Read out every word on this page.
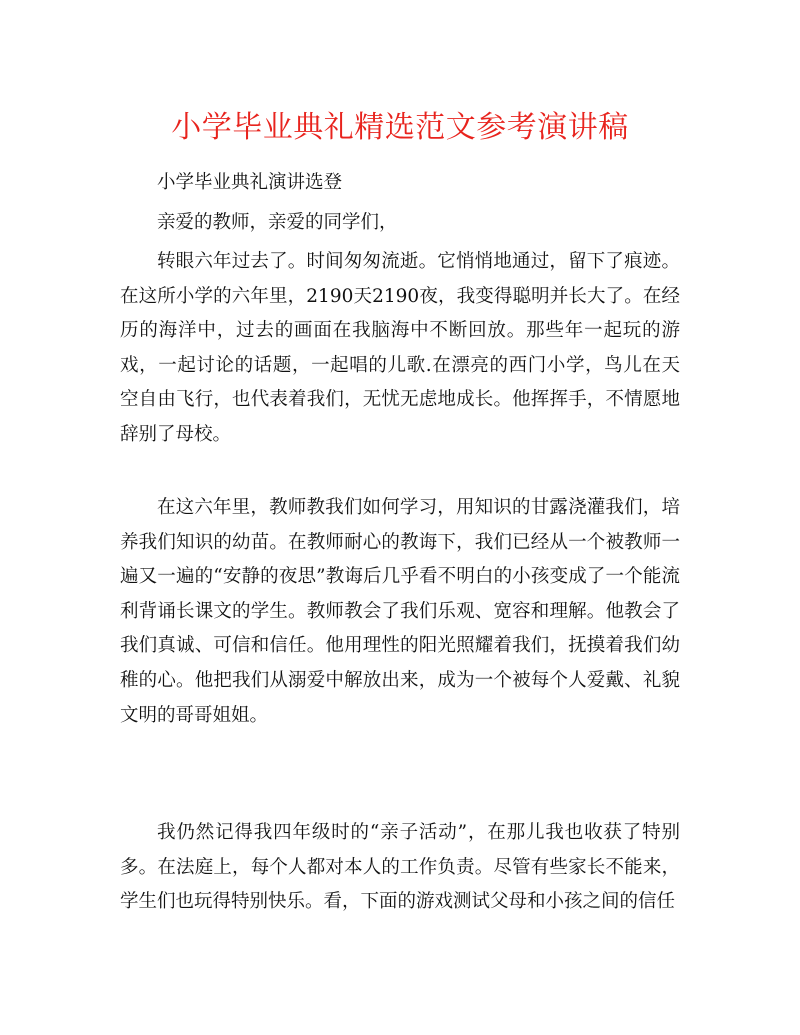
小学毕业典礼精选范文参考演讲稿

小学毕业典礼演讲选登

亲爱的教师，亲爱的同学们，

转眼六年过去了。时间匆匆流逝。它悄悄地通过，留下了痕迹。在这所小学的六年里，2190天2190夜，我变得聪明并长大了。在经历的海洋中，过去的画面在我脑海中不断回放。那些年一起玩的游戏，一起讨论的话题，一起唱的儿歌.在漂亮的西门小学，鸟儿在天空自由飞行，也代表着我们，无忧无虑地成长。他挥挥手，不情愿地辞别了母校。

在这六年里，教师教我们如何学习，用知识的甘露浇灌我们，培养我们知识的幼苗。在教师耐心的教诲下，我们已经从一个被教师一遍又一遍的“安静的夜思”教诲后几乎看不明白的小孩变成了一个能流利背诵长课文的学生。教师教会了我们乐观、宽容和理解。他教会了我们真诚、可信和信任。他用理性的阳光照耀着我们，抚摸着我们幼稚的心。他把我们从溺爱中解放出来，成为一个被每个人爱戴、礼貌文明的哥哥姐姐。

我仍然记得我四年级时的“亲子活动”，在那儿我也收获了特别多。在法庭上，每个人都对本人的工作负责。尽管有些家长不能来，学生们也玩得特别快乐。看，下面的游戏测试父母和小孩之间的信任
